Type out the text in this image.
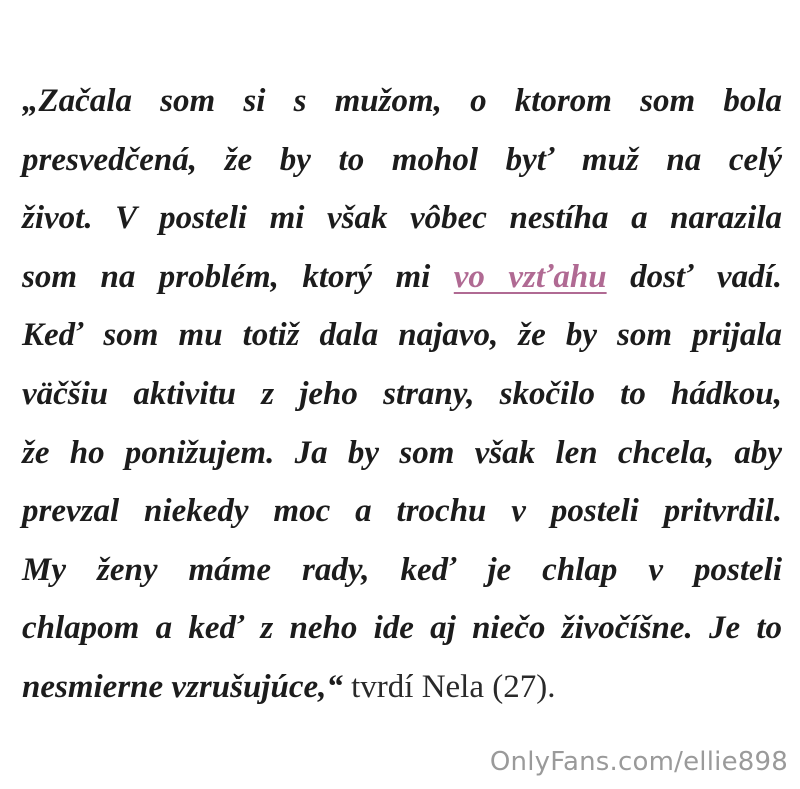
„Začala som si s mužom, o ktorom som bola
presvedčená, že by to mohol byť muž na celý
život. V posteli mi však vôbec nestíha a narazila
som na problém, ktorý mi vo vzťahu dosť vadí.
Keď som mu totiž dala najavo, že by som prijala
väčšiu aktivitu z jeho strany, skočilo to hádkou,
že ho ponižujem. Ja by som však len chcela, aby
prevzal niekedy moc a trochu v posteli pritvrdil.
My ženy máme rady, keď je chlap v posteli
chlapom a keď z neho ide aj niečo živočíšne. Je to
nesmierne vzrušujúce,“ tvrdí Nela (27).
OnlyFans.com/ellie898
